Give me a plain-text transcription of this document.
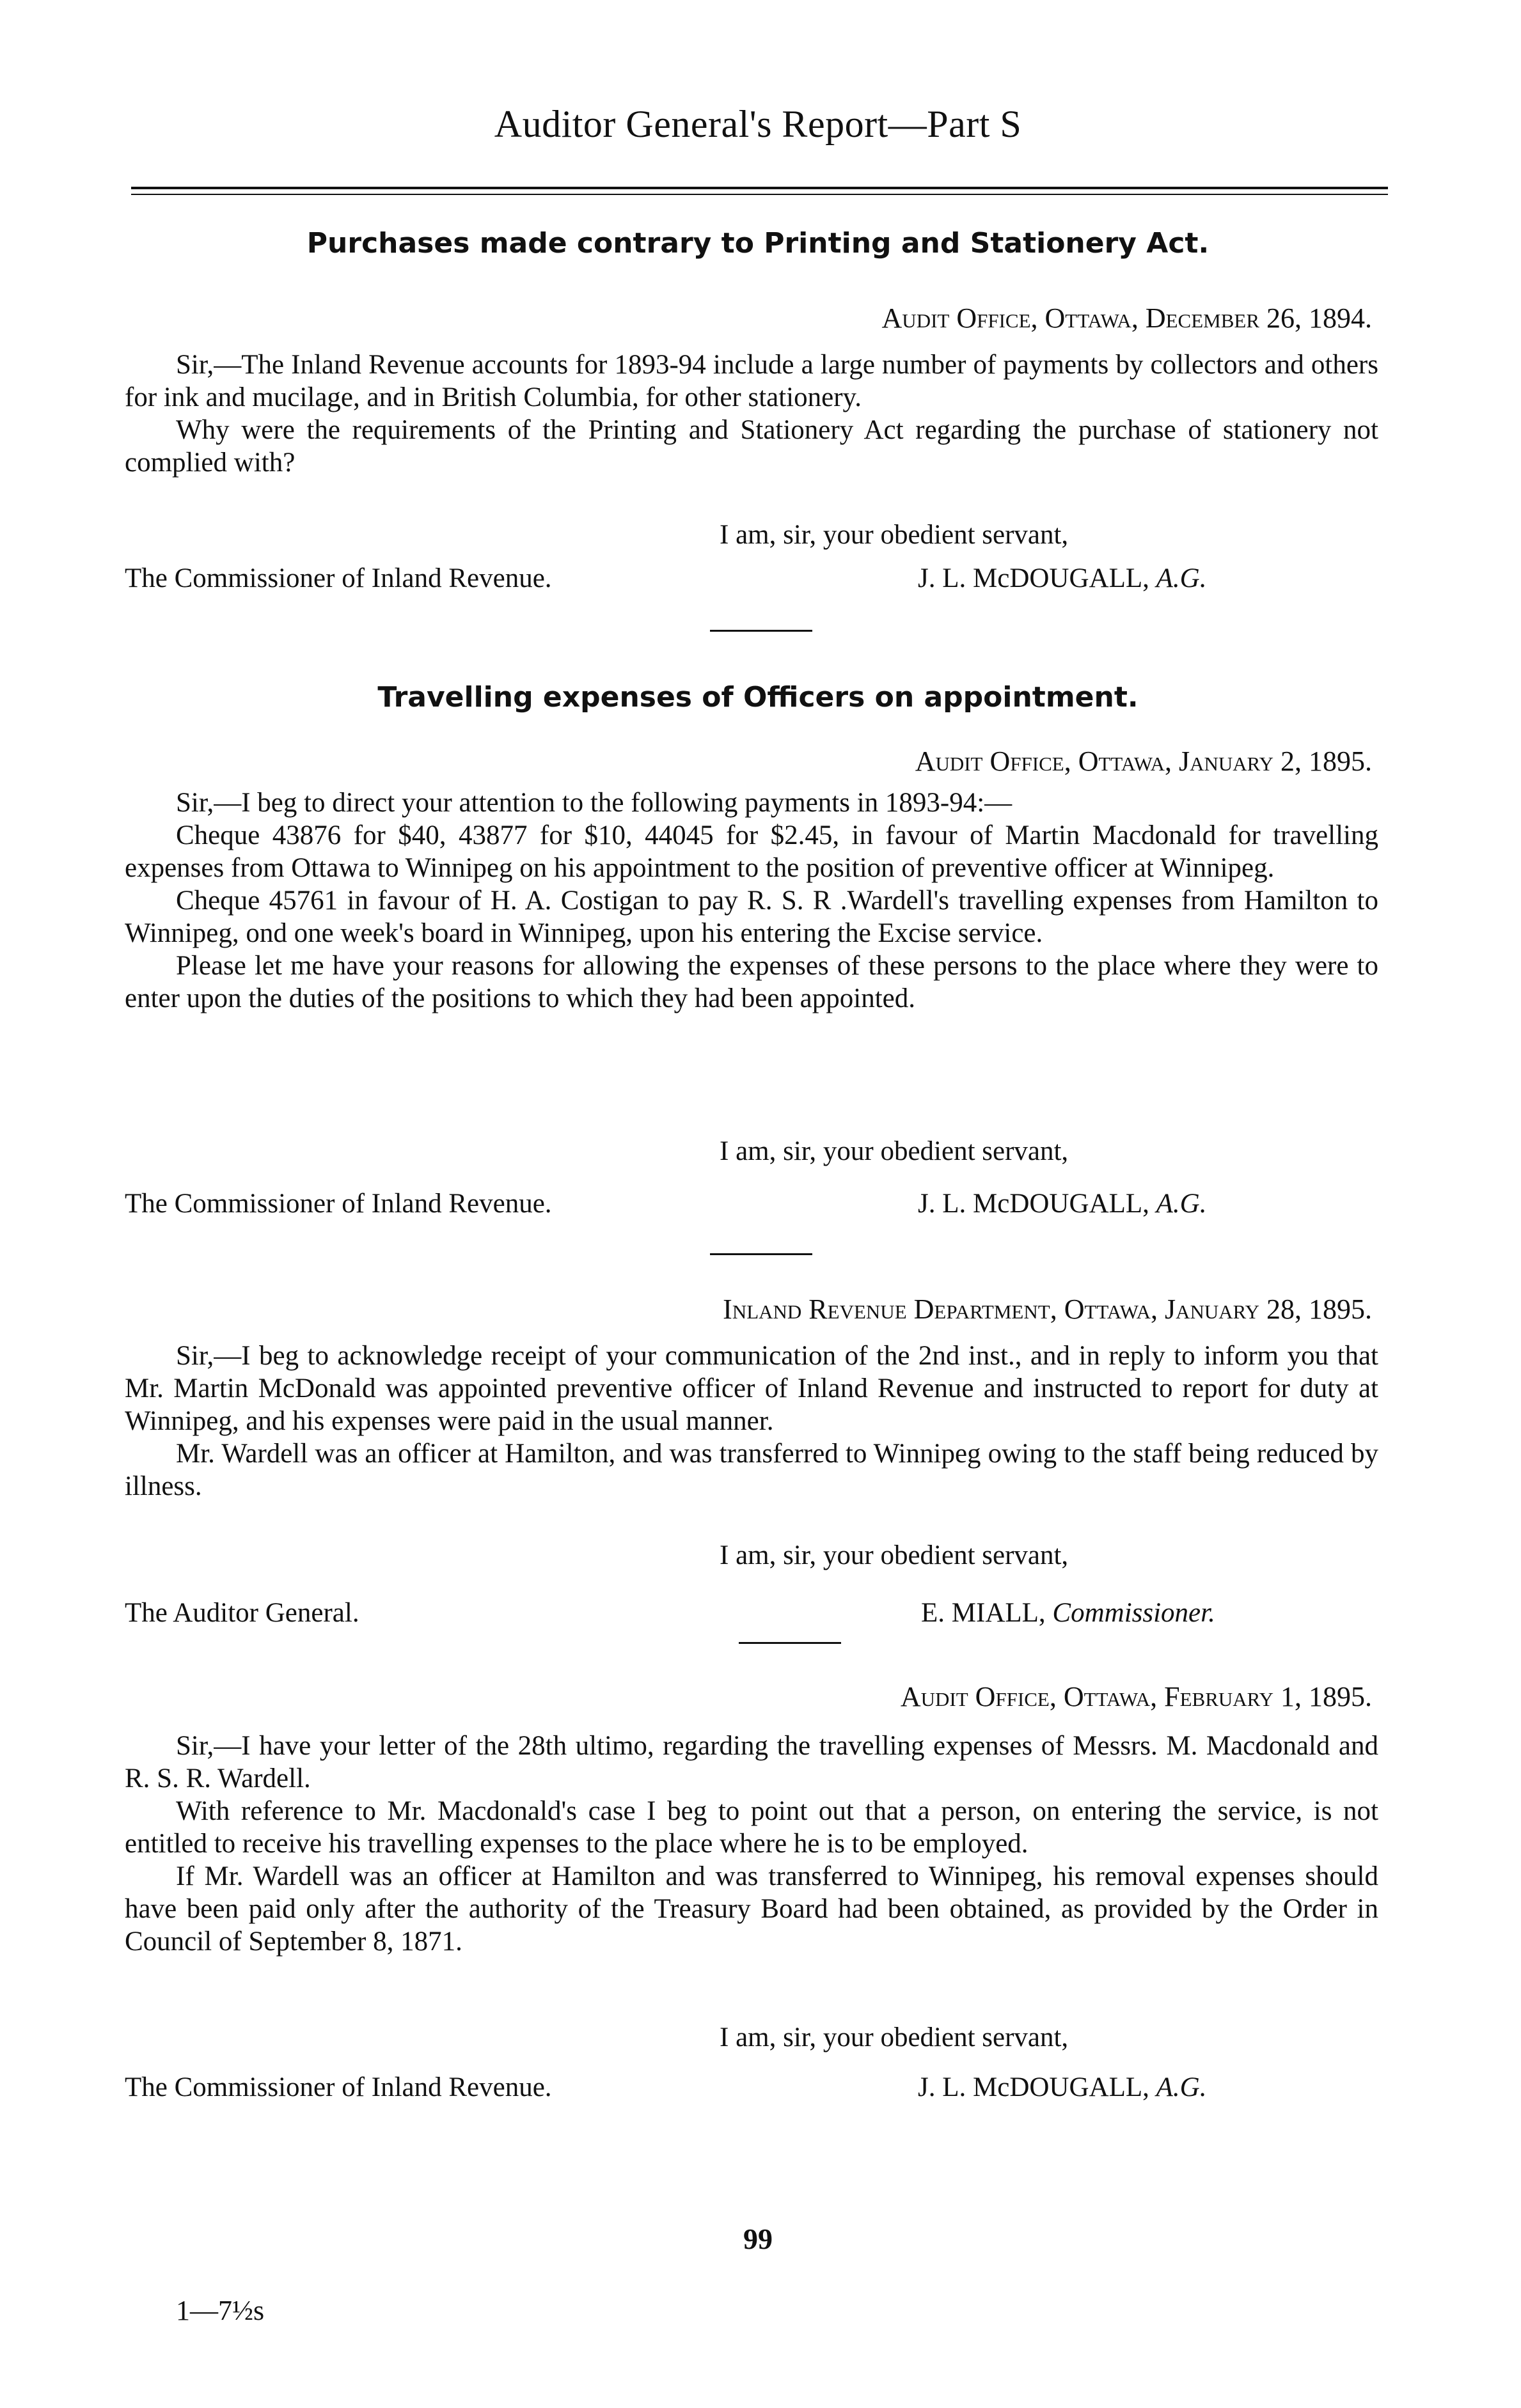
Auditor General's Report—Part S
Purchases made contrary to Printing and Stationery Act.
Audit Office, Ottawa, December 26, 1894.
Sir,—The Inland Revenue accounts for 1893-94 include a large number of payments by collectors and others for ink and mucilage, and in British Columbia, for other stationery.
Why were the requirements of the Printing and Stationery Act regarding the purchase of stationery not complied with?
I am, sir, your obedient servant,
The Commissioner of Inland Revenue.	J. L. McDOUGALL, A.G.
Travelling expenses of Officers on appointment.
Audit Office, Ottawa, January 2, 1895.
Sir,—I beg to direct your attention to the following payments in 1893-94:—
Cheque 43876 for $40, 43877 for $10, 44045 for $2.45, in favour of Martin Macdonald for travelling expenses from Ottawa to Winnipeg on his appointment to the position of preventive officer at Winnipeg.
Cheque 45761 in favour of H. A. Costigan to pay R. S. R .Wardell's travelling expenses from Hamilton to Winnipeg, ond one week's board in Winnipeg, upon his entering the Excise service.
Please let me have your reasons for allowing the expenses of these persons to the place where they were to enter upon the duties of the positions to which they had been appointed.
I am, sir, your obedient servant,
The Commissioner of Inland Revenue.	J. L. McDOUGALL, A.G.
Inland Revenue Department, Ottawa, January 28, 1895.
Sir,—I beg to acknowledge receipt of your communication of the 2nd inst., and in reply to inform you that Mr. Martin McDonald was appointed preventive officer of Inland Revenue and instructed to report for duty at Winnipeg, and his expenses were paid in the usual manner.
Mr. Wardell was an officer at Hamilton, and was transferred to Winnipeg owing to the staff being reduced by illness.
I am, sir, your obedient servant,
The Auditor General.	E. MIALL, Commissioner.
Audit Office, Ottawa, February 1, 1895.
Sir,—I have your letter of the 28th ultimo, regarding the travelling expenses of Messrs. M. Macdonald and R. S. R. Wardell.
With reference to Mr. Macdonald's case I beg to point out that a person, on entering the service, is not entitled to receive his travelling expenses to the place where he is to be employed.
If Mr. Wardell was an officer at Hamilton and was transferred to Winnipeg, his removal expenses should have been paid only after the authority of the Treasury Board had been obtained, as provided by the Order in Council of September 8, 1871.
I am, sir, your obedient servant,
The Commissioner of Inland Revenue.	J. L. McDOUGALL, A.G.
99
1—7½s
